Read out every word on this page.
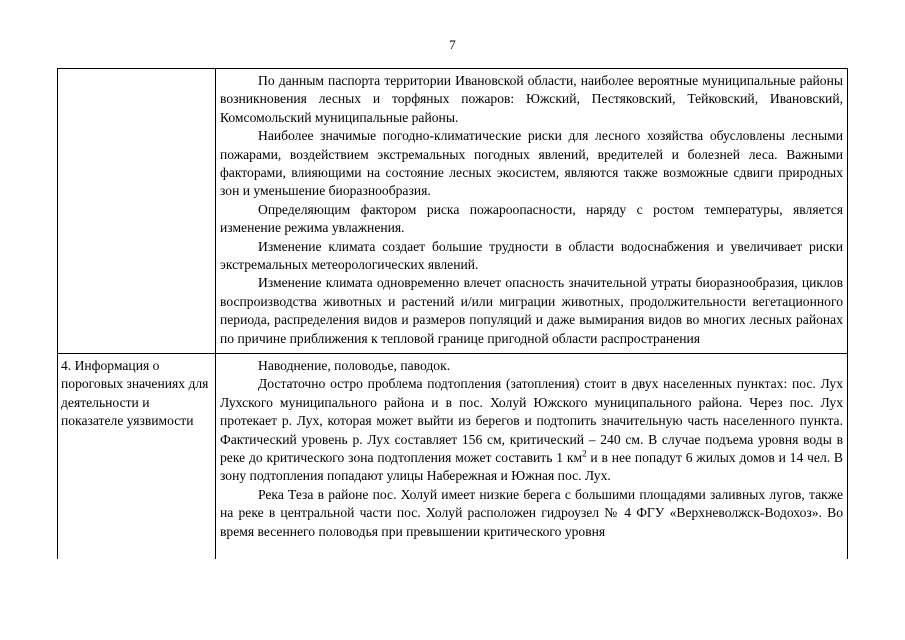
7

	По данным паспорта территории Ивановской области, наиболее вероятные муниципальные районы возникновения лесных и торфяных пожаров: Южский, Пестяковский, Тейковский, Ивановский, Комсомольский муниципальные районы.

Наиболее значимые погодно-климатические риски для лесного хозяйства обусловлены лесными пожарами, воздействием экстремальных погодных явлений, вредителей и болезней леса. Важными факторами, влияющими на состояние лесных экосистем, являются также возможные сдвиги природных зон и уменьшение биоразнообразия.

Определяющим фактором риска пожароопасности, наряду с ростом температуры, является изменение режима увлажнения.

Изменение климата создает большие трудности в области водоснабжения и увеличивает риски экстремальных метеорологических явлений.

Изменение климата одновременно влечет опасность значительной утраты биоразнообразия, циклов воспроизводства животных и растений и/или миграции животных, продолжительности вегетационного периода, распределения видов и размеров популяций и даже вымирания видов во многих лесных районах по причине приближения к тепловой границе пригодной области распространения

4. Информация о пороговых значениях для деятельности и показателе уязвимости	Наводнение, половодье, паводок.

Достаточно остро проблема подтопления (затопления) стоит в двух населенных пунктах: пос. Лух Лухского муниципального района и в пос. Холуй Южского муниципального района. Через пос. Лух протекает р. Лух, которая может выйти из берегов и подтопить значительную часть населенного пункта. Фактический уровень р. Лух составляет 156 см, критический – 240 см. В случае подъема уровня воды в реке до критического зона подтопления может составить 1 $км^2$ и в нее попадут 6 жилых домов и 14 чел. В зону подтопления попадают улицы Набережная и Южная пос. Лух.

Река Теза в районе пос. Холуй имеет низкие берега с большими площадями заливных лугов, также на реке в центральной части пос. Холуй расположен гидроузел № 4 ФГУ «Верхневолжск-Водохоз». Во время весеннего половодья при превышении критического уровня
